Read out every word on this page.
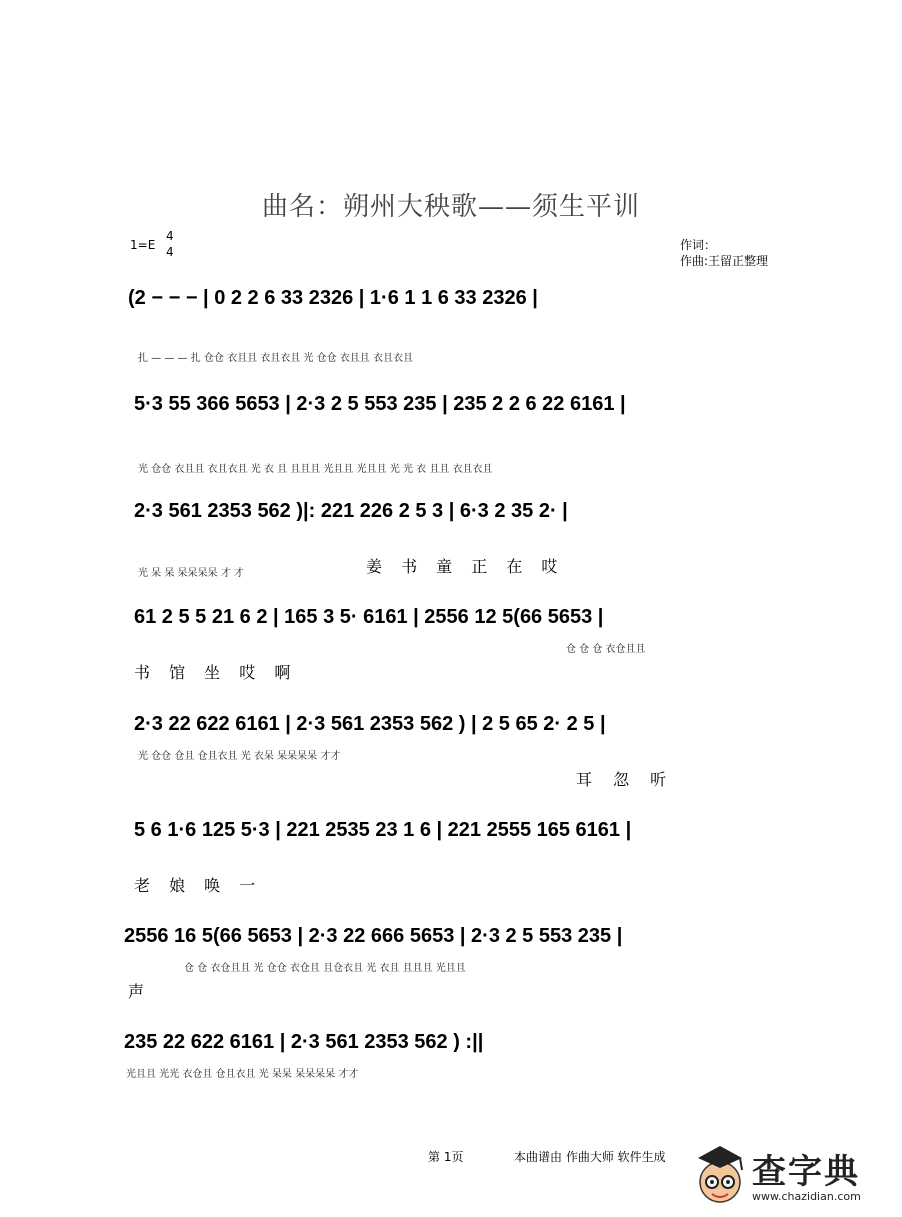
曲名：朔州大秧歌——须生平训
1=E
4
4	作词：
作曲:王留正整理
(2 − − − | 0 2 2 6 33 2326 | 1·6 1 1 6 33 2326 |
扎 — — — 扎 仓仓 衣且且 衣且衣且 光 仓仓 衣且且 衣且衣且
5·3 55 366 5653 | 2·3 2 5 553 235 | 235 2 2 6 22 6161 |
光 仓仓 衣且且 衣且衣且 光 衣 且 且且且 光且且 光且且 光 光 衣 且且 衣且衣且
2·3 561 2353 562 )|: 221 226 2 5 3 | 6·3 2 35 2· |
光 呆 呆 呆呆呆呆 才 才	姜 书 童 正 在 哎
61 2 5 5 21 6 2 | 165 3 5· 6161 | 2556 12 5(66 5653 |
仓 仓 仓 衣仓且且
书 馆 坐 哎 啊
2·3 22 622 6161 | 2·3 561 2353 562 ) | 2 5 65 2· 2 5 |
光 仓仓 仓且 仓且衣且 光 衣呆 呆呆呆呆 才才
耳 忽 听
5 6 1·6 125 5·3 | 221 2535 23 1 6 | 221 2555 165 6161 |
老 娘 唤 一
2556 16 5(66 5653 | 2·3 22 666 5653 | 2·3 2 5 553 235 |
仓 仓 衣仓且且 光 仓仓 衣仓且 且仓衣且 光 衣且 且且且 光且且
声
235 22 622 6161 | 2·3 561 2353 562 ) :||
光且且 光光 衣仓且 仓且衣且 光 呆呆 呆呆呆呆 才才
第 1页	本曲谱由 作曲大师 软件生成	查字典
www.chazidian.com
